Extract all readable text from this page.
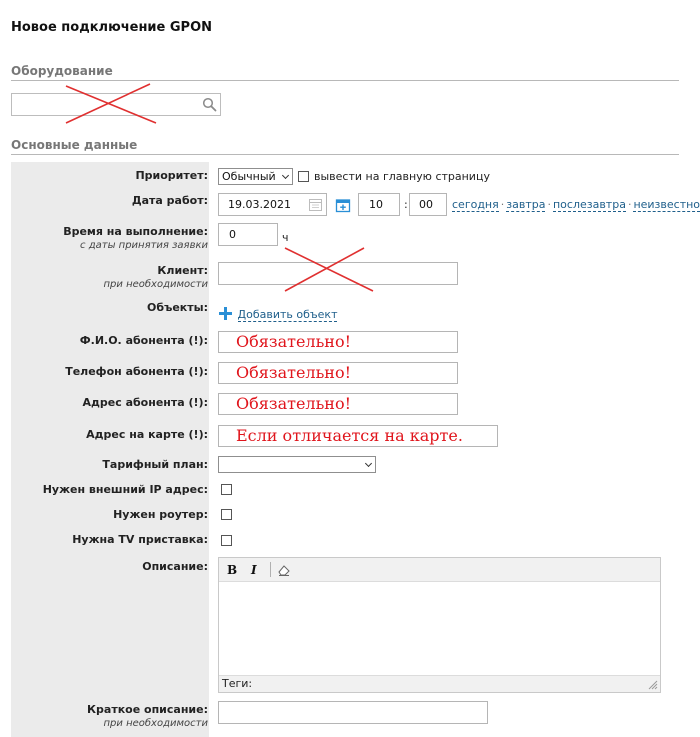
Новое подключение GPON
Оборудование
Основные данные
Приоритет:	Обычный	вывести на главную страницу
Дата работ:	19.03.2021	10	:	00	сегодня · завтра · послезавтра · неизвестно
Время на выполнение:
с даты принятия заявки
0	ч
Клиент:
при необходимости
Объекты:
Добавить объект
Ф.И.О. абонента (!):	Обязательно!
Телефон абонента (!):	Обязательно!
Адрес абонента (!):	Обязательно!
Адрес на карте (!):	Если отличается на карте.
Тарифный план:
Нужен внешний IP адрес:
Нужен роутер:
Нужна TV приставка:
Описание: B I
Теги:
Краткое описание:
при необходимости
